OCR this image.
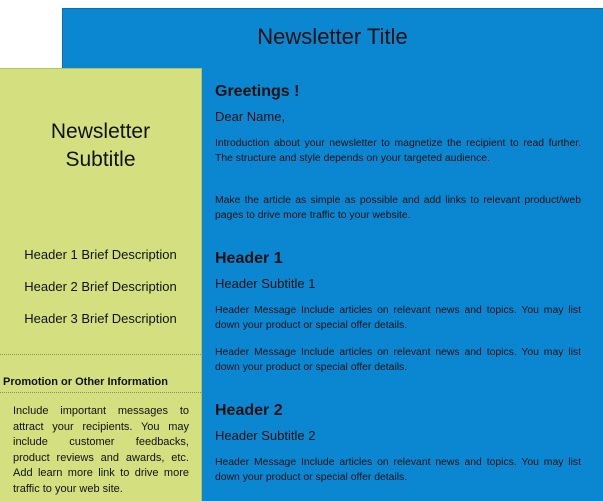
Newsletter Title
Newsletter
Subtitle
Header 1 Brief Description
Header 2 Brief Description
Header 3 Brief Description
Promotion or Other Information
Include important messages to attract your recipients. You may include customer feedbacks, product reviews and awards, etc. Add learn more link to drive more traffic to your web site.
Greetings !
Dear Name,
Introduction about your newsletter to magnetize the recipient to read further. The structure and style depends on your targeted audience.
Make the article as simple as possible and add links to relevant product/web pages to drive more traffic to your website.
Header 1
Header Subtitle 1
Header Message Include articles on relevant news and topics. You may list down your product or special offer details.
Header Message Include articles on relevant news and topics. You may list down your product or special offer details.
Header 2
Header Subtitle 2
Header Message Include articles on relevant news and topics. You may list down your product or special offer details.
